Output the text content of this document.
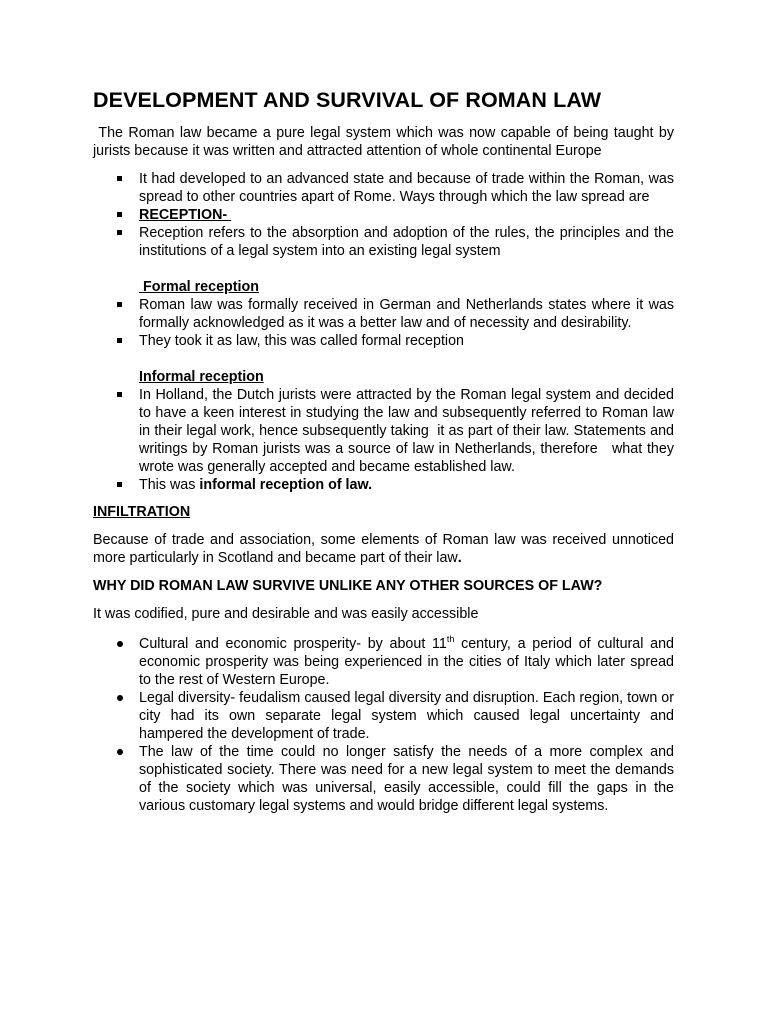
DEVELOPMENT AND SURVIVAL OF ROMAN LAW

The Roman law became a pure legal system which was now capable of being taught by jurists because it was written and attracted attention of whole continental Europe

It had developed to an advanced state and because of trade within the Roman, was spread to other countries apart of Rome. Ways through which the law spread are
RECEPTION-
Reception refers to the absorption and adoption of the rules, the principles and the institutions of a legal system into an existing legal system
Formal reception
Roman law was formally received in German and Netherlands states where it was formally acknowledged as it was a better law and of necessity and desirability.
They took it as law, this was called formal reception
Informal reception
In Holland, the Dutch jurists were attracted by the Roman legal system and decided to have a keen interest in studying the law and subsequently referred to Roman law in their legal work, hence subsequently taking  it as part of their law. Statements and writings by Roman jurists was a source of law in Netherlands, therefore   what they wrote was generally accepted and became established law.
This was informal reception of law.
INFILTRATION

Because of trade and association, some elements of Roman law was received unnoticed more particularly in Scotland and became part of their law.

WHY DID ROMAN LAW SURVIVE UNLIKE ANY OTHER SOURCES OF LAW?

It was codified, pure and desirable and was easily accessible

Cultural and economic prosperity- by about 11th century, a period of cultural and economic prosperity was being experienced in the cities of Italy which later spread to the rest of Western Europe.
Legal diversity- feudalism caused legal diversity and disruption. Each region, town or city had its own separate legal system which caused legal uncertainty and hampered the development of trade.
The law of the time could no longer satisfy the needs of a more complex and sophisticated society. There was need for a new legal system to meet the demands of the society which was universal, easily accessible, could fill the gaps in the various customary legal systems and would bridge different legal systems.
